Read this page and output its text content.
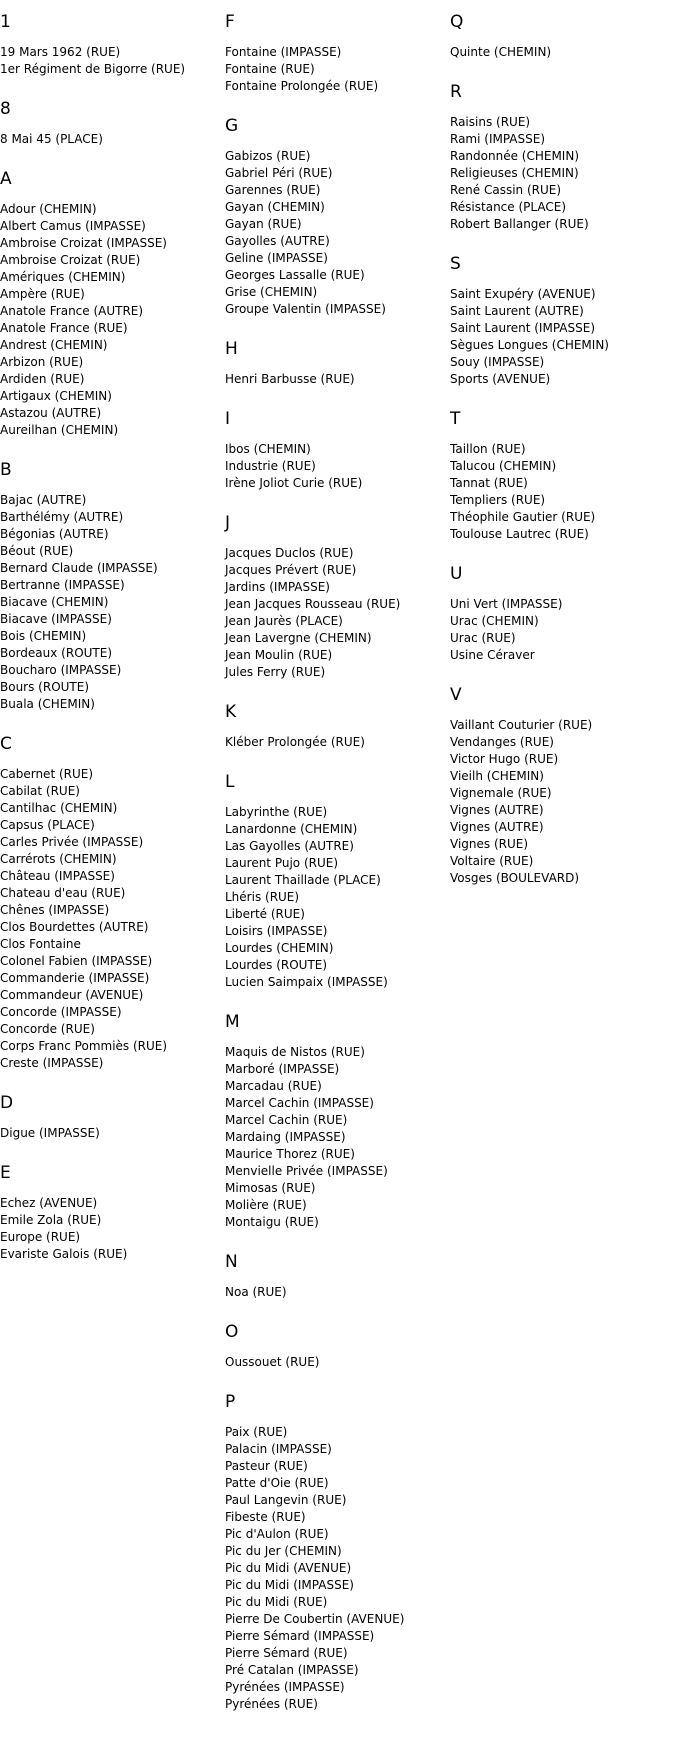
1
19 Mars 1962 (RUE)
1er Régiment de Bigorre (RUE)
8
8 Mai 45 (PLACE)
A
Adour (CHEMIN)
Albert Camus (IMPASSE)
Ambroise Croizat (IMPASSE)
Ambroise Croizat (RUE)
Amériques (CHEMIN)
Ampère (RUE)
Anatole France (AUTRE)
Anatole France (RUE)
Andrest (CHEMIN)
Arbizon (RUE)
Ardiden (RUE)
Artigaux (CHEMIN)
Astazou (AUTRE)
Aureilhan (CHEMIN)
B
Bajac (AUTRE)
Barthélémy (AUTRE)
Bégonias (AUTRE)
Béout (RUE)
Bernard Claude (IMPASSE)
Bertranne (IMPASSE)
Biacave (CHEMIN)
Biacave (IMPASSE)
Bois (CHEMIN)
Bordeaux (ROUTE)
Boucharo (IMPASSE)
Bours (ROUTE)
Buala (CHEMIN)
C
Cabernet (RUE)
Cabilat (RUE)
Cantilhac (CHEMIN)
Capsus (PLACE)
Carles Privée (IMPASSE)
Carrérots (CHEMIN)
Château (IMPASSE)
Chateau d'eau (RUE)
Chênes (IMPASSE)
Clos Bourdettes (AUTRE)
Clos Fontaine
Colonel Fabien (IMPASSE)
Commanderie (IMPASSE)
Commandeur (AVENUE)
Concorde (IMPASSE)
Concorde (RUE)
Corps Franc Pommiès (RUE)
Creste (IMPASSE)
D
Digue (IMPASSE)
E
Echez (AVENUE)
Emile Zola (RUE)
Europe (RUE)
Evariste Galois (RUE)
F
Fontaine (IMPASSE)
Fontaine (RUE)
Fontaine Prolongée (RUE)
G
Gabizos (RUE)
Gabriel Péri (RUE)
Garennes (RUE)
Gayan (CHEMIN)
Gayan (RUE)
Gayolles (AUTRE)
Geline (IMPASSE)
Georges Lassalle (RUE)
Grise (CHEMIN)
Groupe Valentin (IMPASSE)
H
Henri Barbusse (RUE)
I
Ibos (CHEMIN)
Industrie (RUE)
Irène Joliot Curie (RUE)
J
Jacques Duclos (RUE)
Jacques Prévert (RUE)
Jardins (IMPASSE)
Jean Jacques Rousseau (RUE)
Jean Jaurès (PLACE)
Jean Lavergne (CHEMIN)
Jean Moulin (RUE)
Jules Ferry (RUE)
K
Kléber Prolongée (RUE)
L
Labyrinthe (RUE)
Lanardonne (CHEMIN)
Las Gayolles (AUTRE)
Laurent Pujo (RUE)
Laurent Thaillade (PLACE)
Lhéris (RUE)
Liberté (RUE)
Loisirs (IMPASSE)
Lourdes (CHEMIN)
Lourdes (ROUTE)
Lucien Saimpaix (IMPASSE)
M
Maquis de Nistos (RUE)
Marboré (IMPASSE)
Marcadau (RUE)
Marcel Cachin (IMPASSE)
Marcel Cachin (RUE)
Mardaing (IMPASSE)
Maurice Thorez (RUE)
Menvielle Privée (IMPASSE)
Mimosas (RUE)
Molière (RUE)
Montaigu (RUE)
N
Noa (RUE)
O
Oussouet (RUE)
P
Paix (RUE)
Palacin (IMPASSE)
Pasteur (RUE)
Patte d'Oie (RUE)
Paul Langevin (RUE)
Fibeste (RUE)
Pic d'Aulon (RUE)
Pic du Jer (CHEMIN)
Pic du Midi (AVENUE)
Pic du Midi (IMPASSE)
Pic du Midi (RUE)
Pierre De Coubertin (AVENUE)
Pierre Sémard (IMPASSE)
Pierre Sémard (RUE)
Pré Catalan (IMPASSE)
Pyrénées (IMPASSE)
Pyrénées (RUE)
Q
Quinte (CHEMIN)
R
Raisins (RUE)
Rami (IMPASSE)
Randonnée (CHEMIN)
Religieuses (CHEMIN)
René Cassin (RUE)
Résistance (PLACE)
Robert Ballanger (RUE)
S
Saint Exupéry (AVENUE)
Saint Laurent (AUTRE)
Saint Laurent (IMPASSE)
Sègues Longues (CHEMIN)
Souy (IMPASSE)
Sports (AVENUE)
T
Taillon (RUE)
Talucou (CHEMIN)
Tannat (RUE)
Templiers (RUE)
Théophile Gautier (RUE)
Toulouse Lautrec (RUE)
U
Uni Vert (IMPASSE)
Urac (CHEMIN)
Urac (RUE)
Usine Céraver
V
Vaillant Couturier (RUE)
Vendanges (RUE)
Victor Hugo (RUE)
Vieilh (CHEMIN)
Vignemale (RUE)
Vignes (AUTRE)
Vignes (AUTRE)
Vignes (RUE)
Voltaire (RUE)
Vosges (BOULEVARD)
